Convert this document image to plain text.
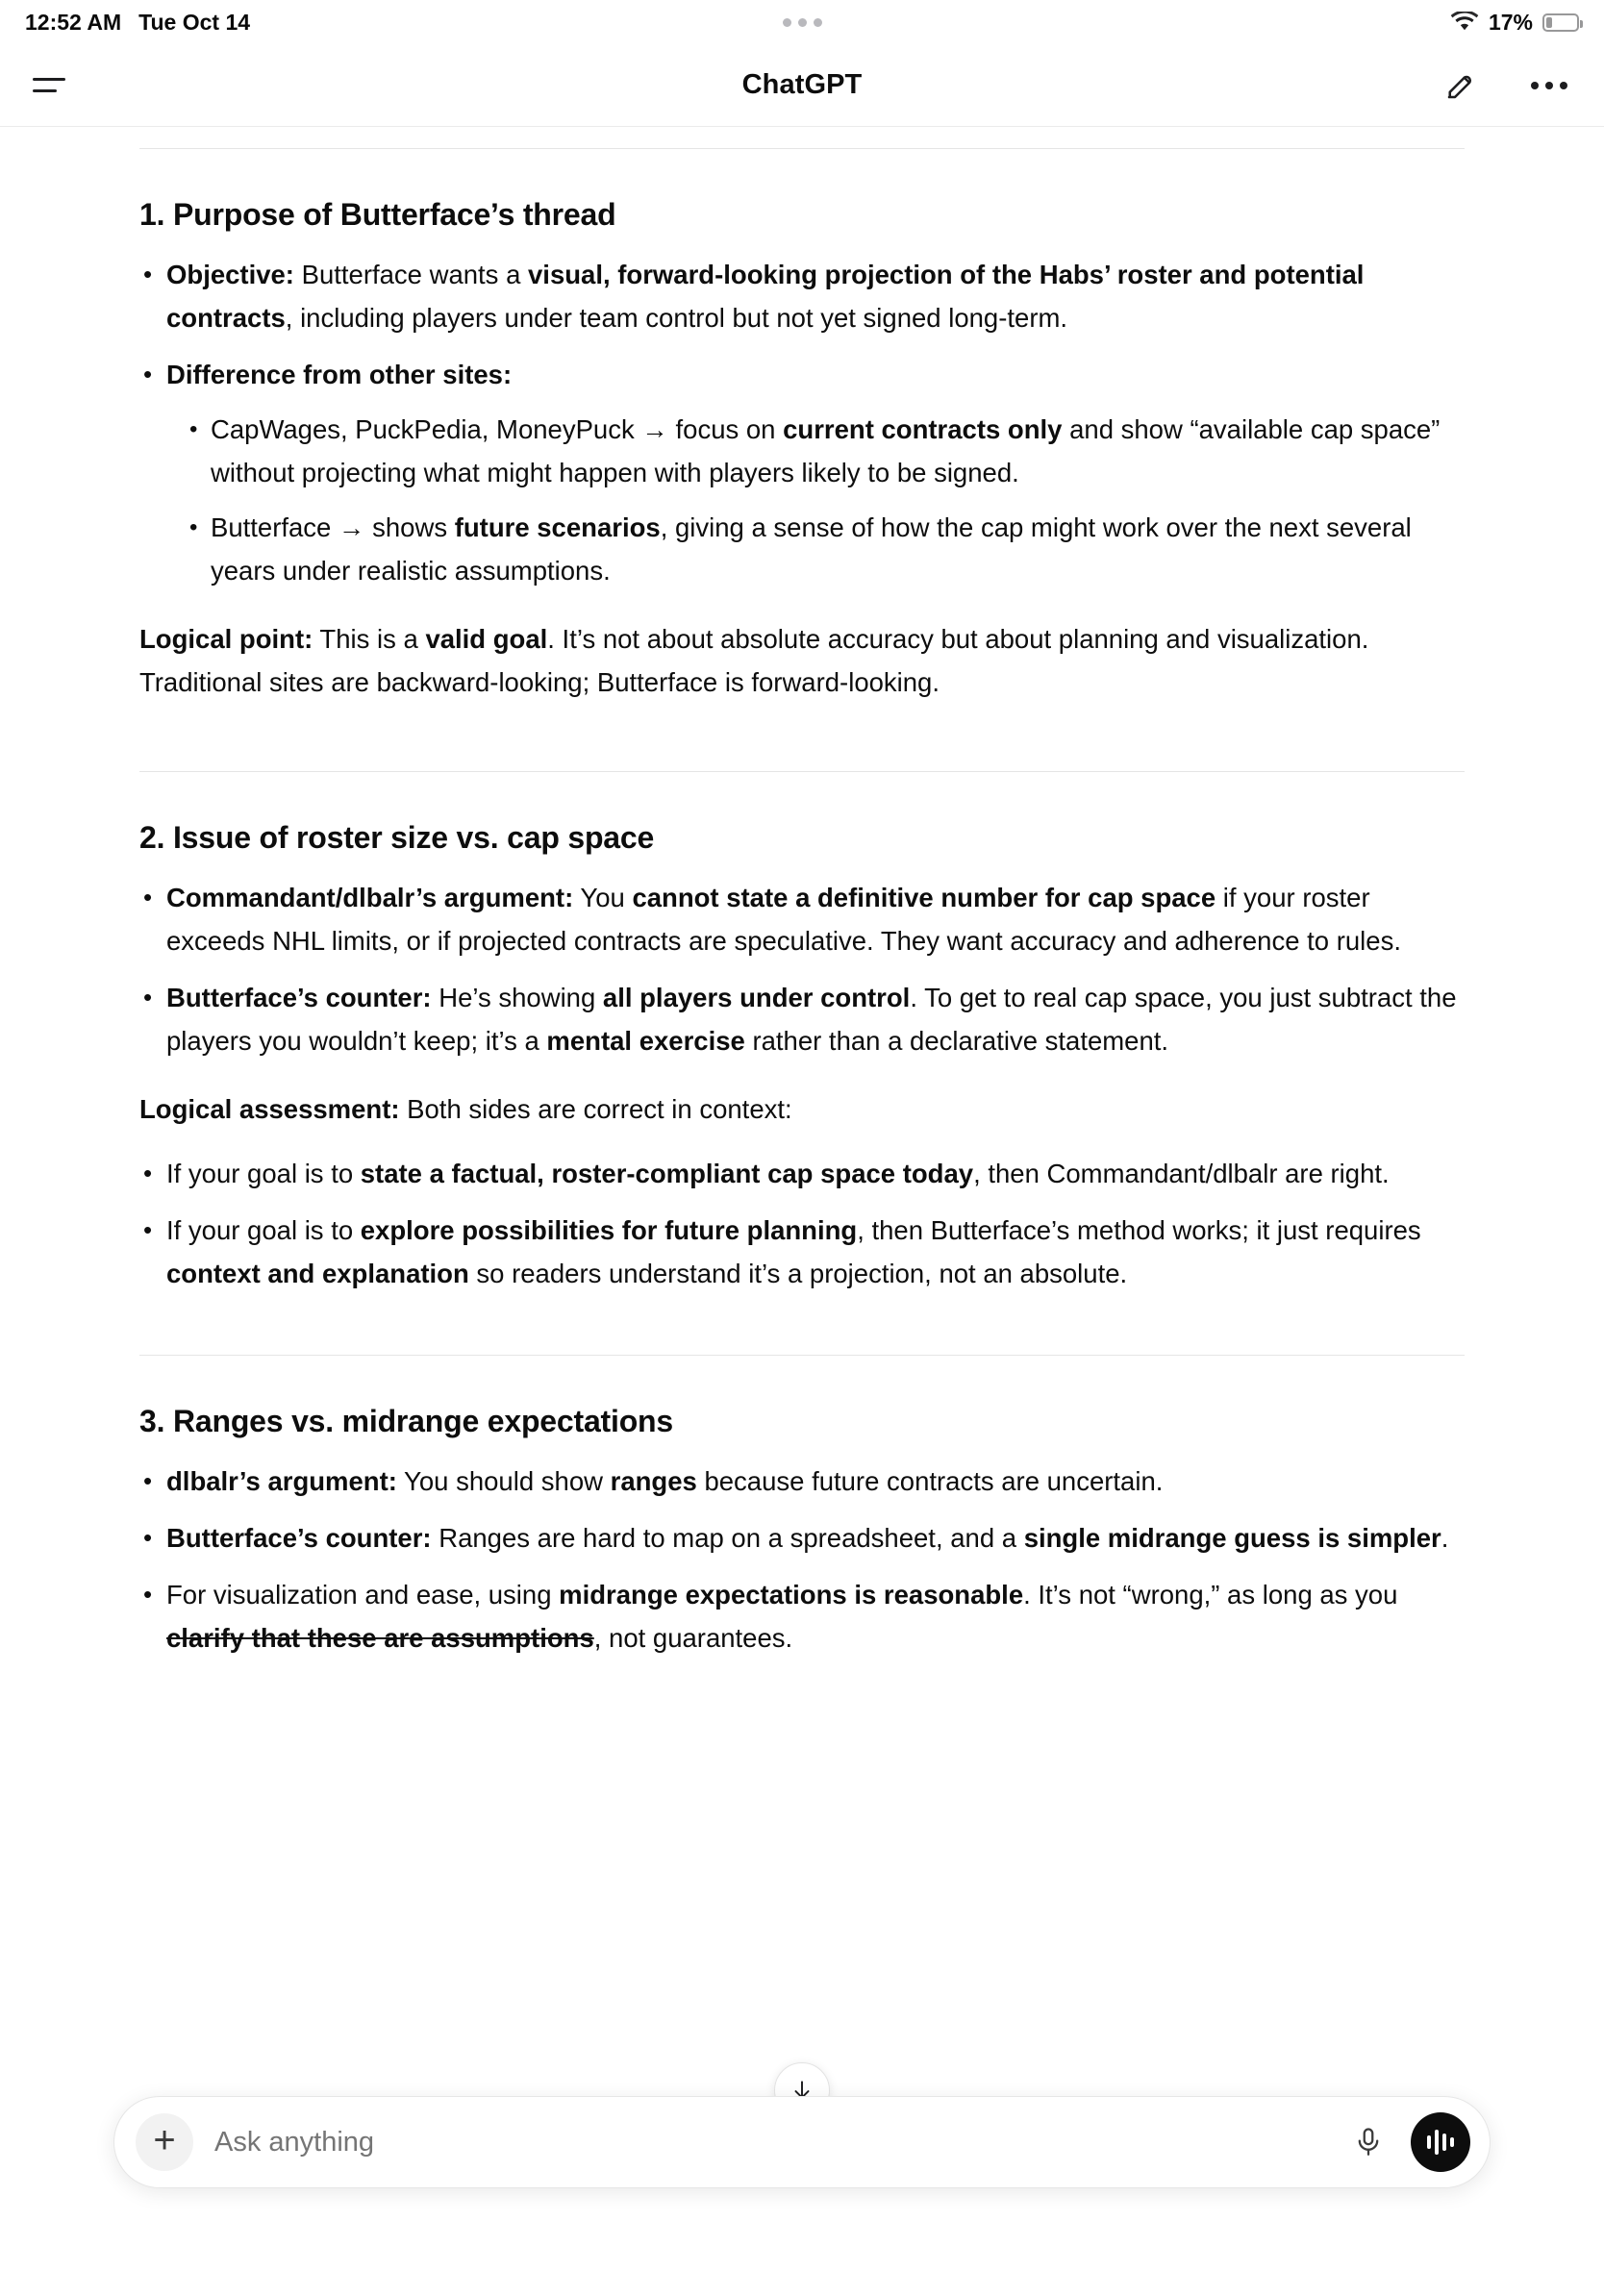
12:52 AM Tue Oct 14	17%
ChatGPT
1. Purpose of Butterface’s thread
• Objective: Butterface wants a visual, forward-looking projection of the Habs’ roster and potential contracts, including players under team control but not yet signed long-term.
• Difference from other sites:
• CapWages, PuckPedia, MoneyPuck → focus on current contracts only and show “available cap space” without projecting what might happen with players likely to be signed.
• Butterface → shows future scenarios, giving a sense of how the cap might work over the next several years under realistic assumptions.

Logical point: This is a valid goal. It’s not about absolute accuracy but about planning and visualization. Traditional sites are backward-looking; Butterface is forward-looking.

2. Issue of roster size vs. cap space
• Commandant/dlbalr’s argument: You cannot state a definitive number for cap space if your roster exceeds NHL limits, or if projected contracts are speculative. They want accuracy and adherence to rules.
• Butterface’s counter: He’s showing all players under control. To get to real cap space, you just subtract the players you wouldn’t keep; it’s a mental exercise rather than a declarative statement.

Logical assessment: Both sides are correct in context:

• If your goal is to state a factual, roster-compliant cap space today, then Commandant/dlbalr are right.
• If your goal is to explore possibilities for future planning, then Butterface’s method works; it just requires context and explanation so readers understand it’s a projection, not an absolute.
3. Ranges vs. midrange expectations
• dlbalr’s argument: You should show ranges because future contracts are uncertain.
• Butterface’s counter: Ranges are hard to map on a spreadsheet, and a single midrange guess is simpler.
• For visualization and ease, using midrange expectations is reasonable. It’s not “wrong,” as long as you clarify that these are assumptions, not guarantees.
+
Ask anything
